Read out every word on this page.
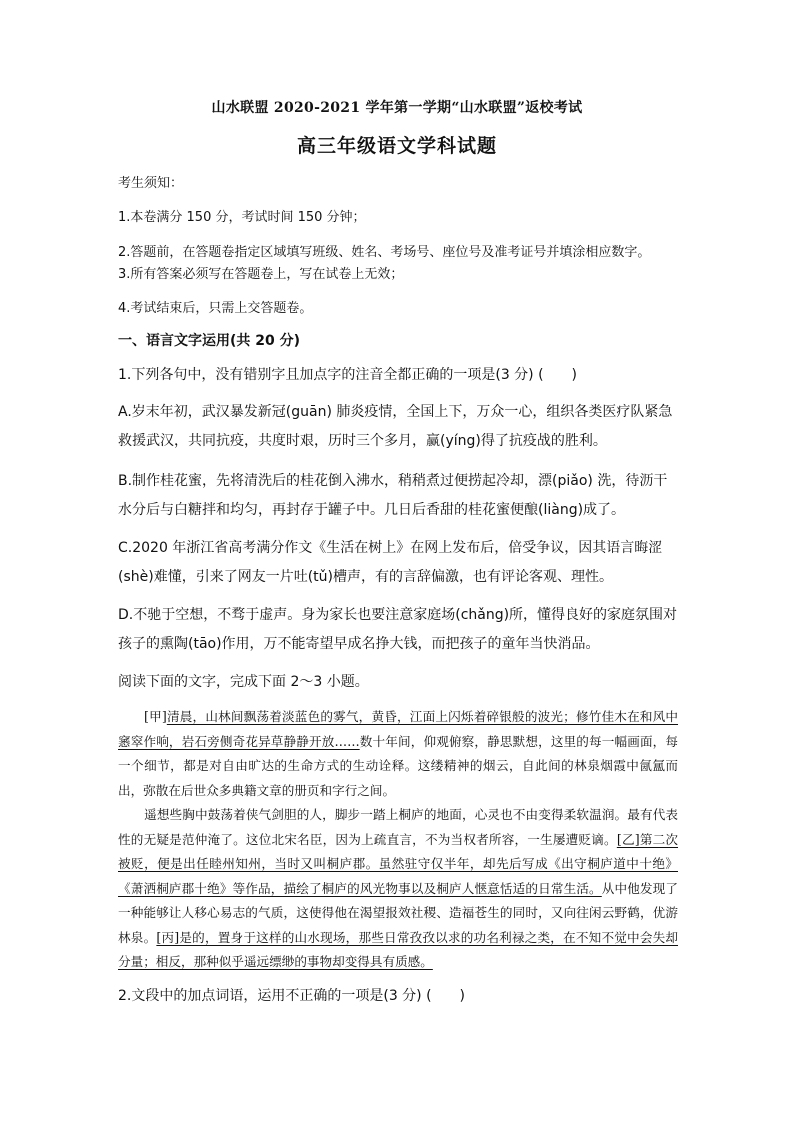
山水联盟 2020-2021 学年第一学期“山水联盟”返校考试
高三年级语文学科试题
考生须知：
1.本卷满分 150 分，考试时间 150 分钟；
2.答题前，在答题卷指定区域填写班级、姓名、考场号、座位号及准考证号并填涂相应数字。
3.所有答案必须写在答题卷上，写在试卷上无效；
4.考试结束后，只需上交答题卷。
一、语言文字运用(共 20 分)
1.下列各句中，没有错别字且加点字的注音全都正确的一项是(3 分) (　　)
A.岁末年初，武汉暴发新冠(guān) 肺炎疫情，全国上下，万众一心，组织各类医疗队紧急救援武汉，共同抗疫，共度时艰，历时三个多月，赢(yíng)得了抗疫战的胜利。
B.制作桂花蜜，先将清洗后的桂花倒入沸水，稍稍煮过便捞起冷却，漂(piǎo) 洗，待沥干水分后与白糖拌和均匀，再封存于罐子中。几日后香甜的桂花蜜便酿(liàng)成了。
C.2020 年浙江省高考满分作文《生活在树上》在网上发布后，倍受争议，因其语言晦涩(shè)难懂，引来了网友一片吐(tǔ)槽声，有的言辞偏激，也有评论客观、理性。
D.不驰于空想，不骛于虚声。身为家长也要注意家庭场(chǎng)所，懂得良好的家庭氛围对孩子的熏陶(tāo)作用，万不能寄望早成名挣大钱，而把孩子的童年当快消品。
阅读下面的文字，完成下面 2～3 小题。
[甲]清晨，山林间飘荡着淡蓝色的雾气，黄昏，江面上闪烁着碎银般的波光；修竹佳木在和风中窸窣作响，岩石旁侧奇花异草静静开放……数十年间，仰观俯察，静思默想，这里的每一幅画面，每一个细节，都是对自由旷达的生命方式的生动诠释。这缕精神的烟云，自此间的林泉烟霞中氤氲而出，弥散在后世众多典籍文章的册页和字行之间。
遥想些胸中鼓荡着侠气剑胆的人，脚步一踏上桐庐的地面，心灵也不由变得柔软温润。最有代表性的无疑是范仲淹了。这位北宋名臣，因为上疏直言，不为当权者所容，一生屡遭贬谪。[乙]第二次被贬，便是出任睦州知州，当时又叫桐庐郡。虽然驻守仅半年，却先后写成《出守桐庐道中十绝》《萧洒桐庐郡十绝》等作品，描绘了桐庐的风光物事以及桐庐人惬意恬适的日常生活。从中他发现了一种能够让人移心易志的气质，这使得他在渴望报效社稷、造福苍生的同时，又向往闲云野鹤，优游林泉。[丙]是的，置身于这样的山水现场，那些日常孜孜以求的功名利禄之类，在不知不觉中会失却分量；相反，那种似乎遥远缥缈的事物却变得具有质感。
2.文段中的加点词语，运用不正确的一项是(3 分) (　　)
